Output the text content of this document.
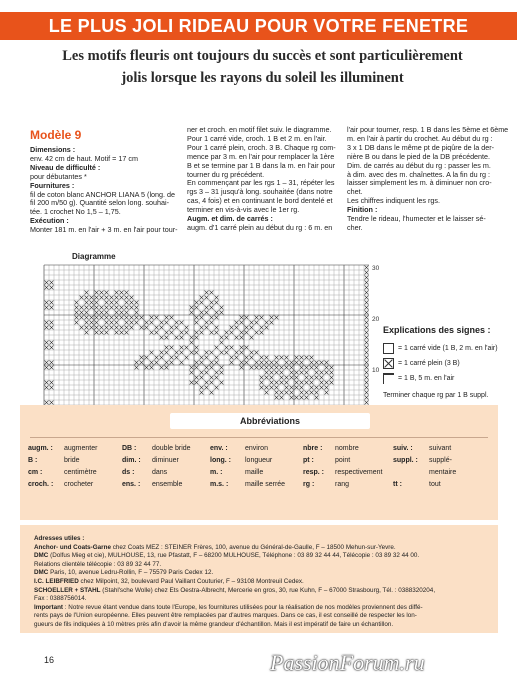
LE PLUS JOLI RIDEAU POUR VOTRE FENETRE
Les motifs fleuris ont toujours du succès et sont particulièrement
jolis lorsque les rayons du soleil les illuminent
Modèle 9

Dimensions :

env. 42 cm de haut. Motif = 17 cm

Niveau de difficulté :

pour débutantes *

Fournitures :

fil de coton blanc ANCHOR LIANA 5 (long. de

fil 200 m/50 g). Quantité selon long. souhai-

tée. 1 crochet No 1,5 – 1,75.

Exécution :

Monter 181 m. en l'air + 3 m. en l'air pour tour-

ner et croch. en motif filet suiv. le diagramme.

Pour 1 carré vide, croch. 1 B et 2 m. en l'air.

Pour 1 carré plein, croch. 3 B. Chaque rg com-

mence par 3 m. en l'air pour remplacer la 1ère

B et se termine par 1 B dans la m. en l'air pour

tourner du rg précédent.

En commençant par les rgs 1 – 31, répéter les

rgs 3 – 31 jusqu'à long. souhaitée (dans notre

cas, 4 fois) et en continuant le bord dentelé et

terminer en vis-à-vis avec le 1er rg.

Augm. et dim. de carrés :

augm. d'1 carré plein au début du rg : 6 m. en

l'air pour tourner, resp. 1 B dans les 5ème et 6ème

m. en l'air à partir du crochet. Au début du rg :

3 x 1 DB dans le même pt de piqûre de la der-

nière B ou dans le pied de la DB précédente.

Dim. de carrés au début du rg : passer les m.

à dim. avec des m. chaînettes. A la fin du rg :

laisser simplement les m. à diminuer non cro-

chet.

Les chiffres indiquent les rgs.

Finition :

Tendre le rideau, l'humecter et le laisser sé-

cher.

Diagramme
30
20
10
Explications des signes :
= 1 carré vide (1 B, 2 m. en l'air)
= 1 carré plein (3 B)
= 1 B, 5 m. en l'air
Terminer chaque rg par 1 B suppl.
Abbréviations
augm. :	augmenter	DB :	double bride	env. :	environ	nbre :	nombre	suiv. :	suivant
B :	bride	dim. :	diminuer	long. :	longueur	pt :	point	suppl. :	supplé-
cm :	centimètre	ds :	dans	m. :	maille	resp. :	respectivement	mentaire
croch. :	crocheter	ens. :	ensemble	m.s. :	maille serrée	rg :	rang	tt :	tout

Adresses utiles :

Anchor- und Coats-Garne chez Coats MEZ : STEINER Frères, 100, avenue du Général-de-Gaulle, F – 18500 Mehun-sur-Yevre.

DMC (Dolfus Mieg et cie), MULHOUSE, 13, rue Pfastatt, F – 68200 MULHOUSE, Téléphone : 03 89 32 44 44, Télécopie : 03 89 32 44 00.

Relations clientèle télécopie : 03 89 32 44 77.

DMC Paris, 10, avenue Ledru-Rollin, F – 75579 Paris Cedex 12.

I.C. LEIBFRIED chez Milpoint, 32, boulevard Paul Vaillant Couturier, F – 93108 Montreuil Cedex.

SCHOELLER + STAHL (Stahl'sche Wolle) chez Ets Oestra-Albrecht, Mercerie en gros, 30, rue Kuhn, F – 67000 Strasbourg, Tél. : 0388320204,

Fax : 0388756014.

Important : Notre revue étant vendue dans toute l'Europe, les fournitures utilisées pour la réalisation de nos modèles proviennent des diffé-

rents pays de l'Union européenne. Elles peuvent être remplacées par d'autres marques. Dans ce cas, il est conseillé de respecter les lon-

gueurs de fils indiquées à 10 mètres près afin d'avoir la même grandeur d'échantillon. Mais il est impératif de faire un échantillon.

16	PassionForum.ru
